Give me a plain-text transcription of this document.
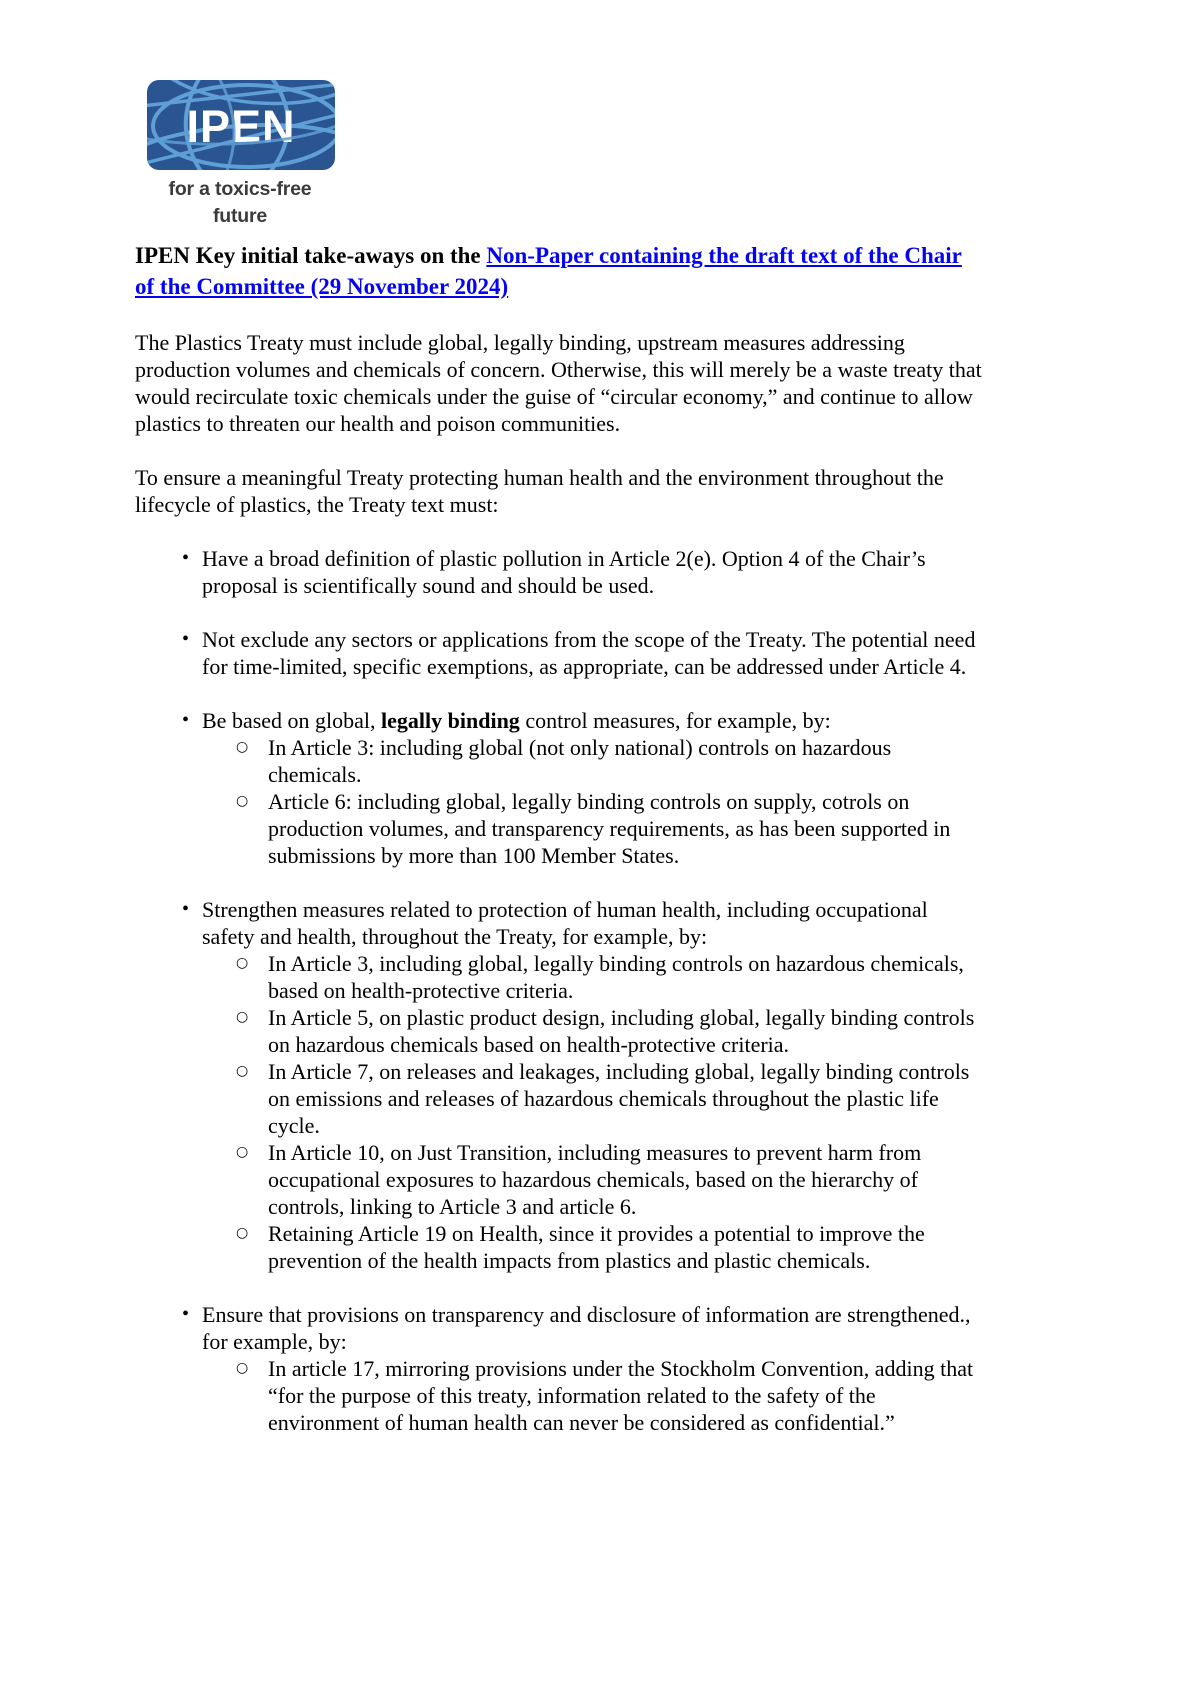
IPEN
for a toxics-free future
IPEN Key initial take-aways on the Non-Paper containing the draft text of the Chair of the Committee (29 November 2024)

The Plastics Treaty must include global, legally binding, upstream measures addressing production volumes and chemicals of concern. Otherwise, this will merely be a waste treaty that would recirculate toxic chemicals under the guise of “circular economy,” and continue to allow plastics to threaten our health and poison communities.

To ensure a meaningful Treaty protecting human health and the environment throughout the lifecycle of plastics, the Treaty text must:

• Have a broad definition of plastic pollution in Article 2(e). Option 4 of the Chair’s proposal is scientifically sound and should be used.
• Not exclude any sectors or applications from the scope of the Treaty. The potential need for time-limited, specific exemptions, as appropriate, can be addressed under Article 4.
• Be based on global, legally binding control measures, for example, by:
○ In Article 3: including global (not only national) controls on hazardous chemicals.
○ Article 6: including global, legally binding controls on supply, cotrols on production volumes, and transparency requirements, as has been supported in submissions by more than 100 Member States.
• Strengthen measures related to protection of human health, including occupational safety and health, throughout the Treaty, for example, by:
○ In Article 3, including global, legally binding controls on hazardous chemicals, based on health-protective criteria.
○ In Article 5, on plastic product design, including global, legally binding controls on hazardous chemicals based on health-protective criteria.
○ In Article 7, on releases and leakages, including global, legally binding controls on emissions and releases of hazardous chemicals throughout the plastic life cycle.
○ In Article 10, on Just Transition, including measures to prevent harm from occupational exposures to hazardous chemicals, based on the hierarchy of controls, linking to Article 3 and article 6.
○ Retaining Article 19 on Health, since it provides a potential to improve the prevention of the health impacts from plastics and plastic chemicals.
• Ensure that provisions on transparency and disclosure of information are strengthened., for example, by:
○ In article 17, mirroring provisions under the Stockholm Convention, adding that “for the purpose of this treaty, information related to the safety of the environment of human health can never be considered as confidential.”
